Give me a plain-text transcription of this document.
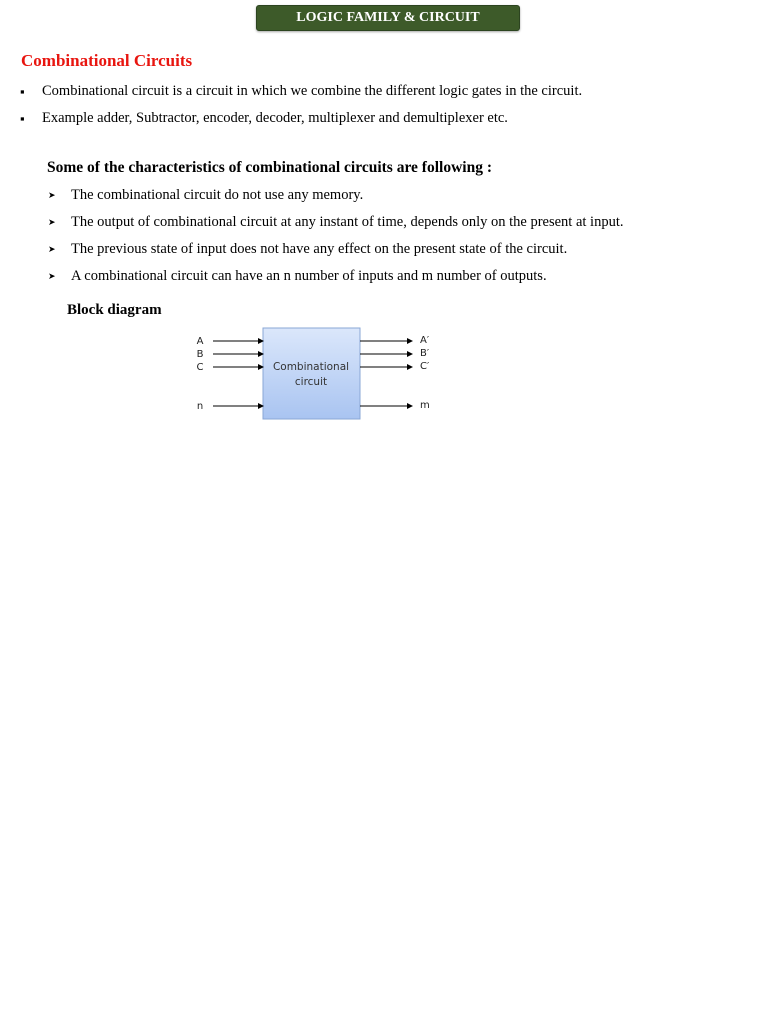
LOGIC FAMILY & CIRCUIT
Combinational Circuits
▪ Combinational circuit is a circuit in which we combine the different logic gates in the circuit.
▪ Example adder, Subtractor, encoder, decoder, multiplexer and demultiplexer etc.
Some of the characteristics of combinational circuits are following :
➤ The combinational circuit do not use any memory.
➤ The output of combinational circuit at any instant of time, depends only on the present at input.
➤ The previous state of input does not have any effect on the present state of the circuit.
➤ A combinational circuit can have an n number of inputs and m number of outputs.
Block diagram
Combinational
circuit
A
B
C
n
A′
B′
C′
m
